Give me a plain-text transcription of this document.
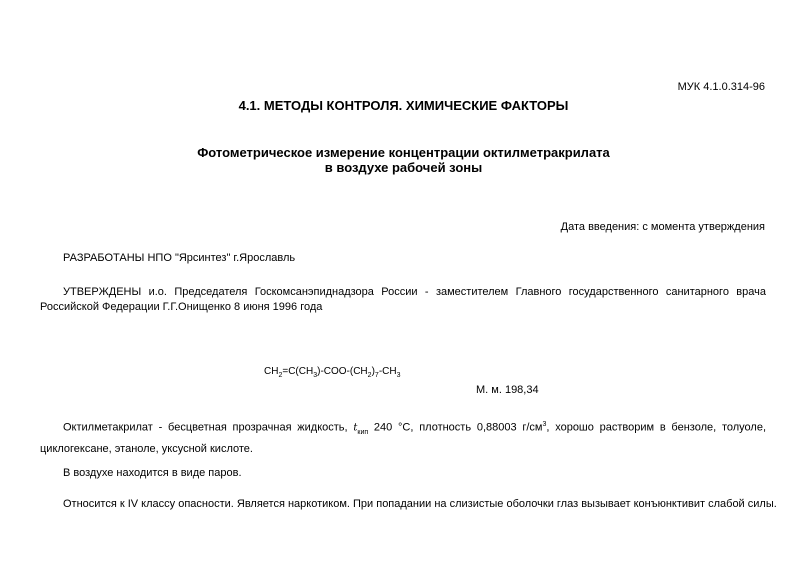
МУК 4.1.0.314-96
4.1. МЕТОДЫ КОНТРОЛЯ. ХИМИЧЕСКИЕ ФАКТОРЫ
Фотометрическое измерение концентрации октилметракрилата
в воздухе рабочей зоны
Дата введения: с момента утверждения
РАЗРАБОТАНЫ НПО "Ярсинтез" г.Ярославль
УТВЕРЖДЕНЫ и.о. Председателя Госкомсанэпиднадзора России - заместителем Главного государственного санитарного врача Российской Федерации Г.Г.Онищенко 8 июня 1996 года
$CH_2=C(CH_3)-COO-(CH_2)_7-CH_3$
М. м. 198,34
Октилметакрилат - бесцветная прозрачная жидкость, $t_{кип}$ 240 °С, плотность 0,88003 $г/см^3$, хорошо растворим в бензоле, толуоле, циклогексане, этаноле, уксусной кислоте.
В воздухе находится в виде паров.
Относится к IV классу опасности. Является наркотиком. При попадании на слизистые оболочки глаз вызывает конъюнктивит слабой силы.
